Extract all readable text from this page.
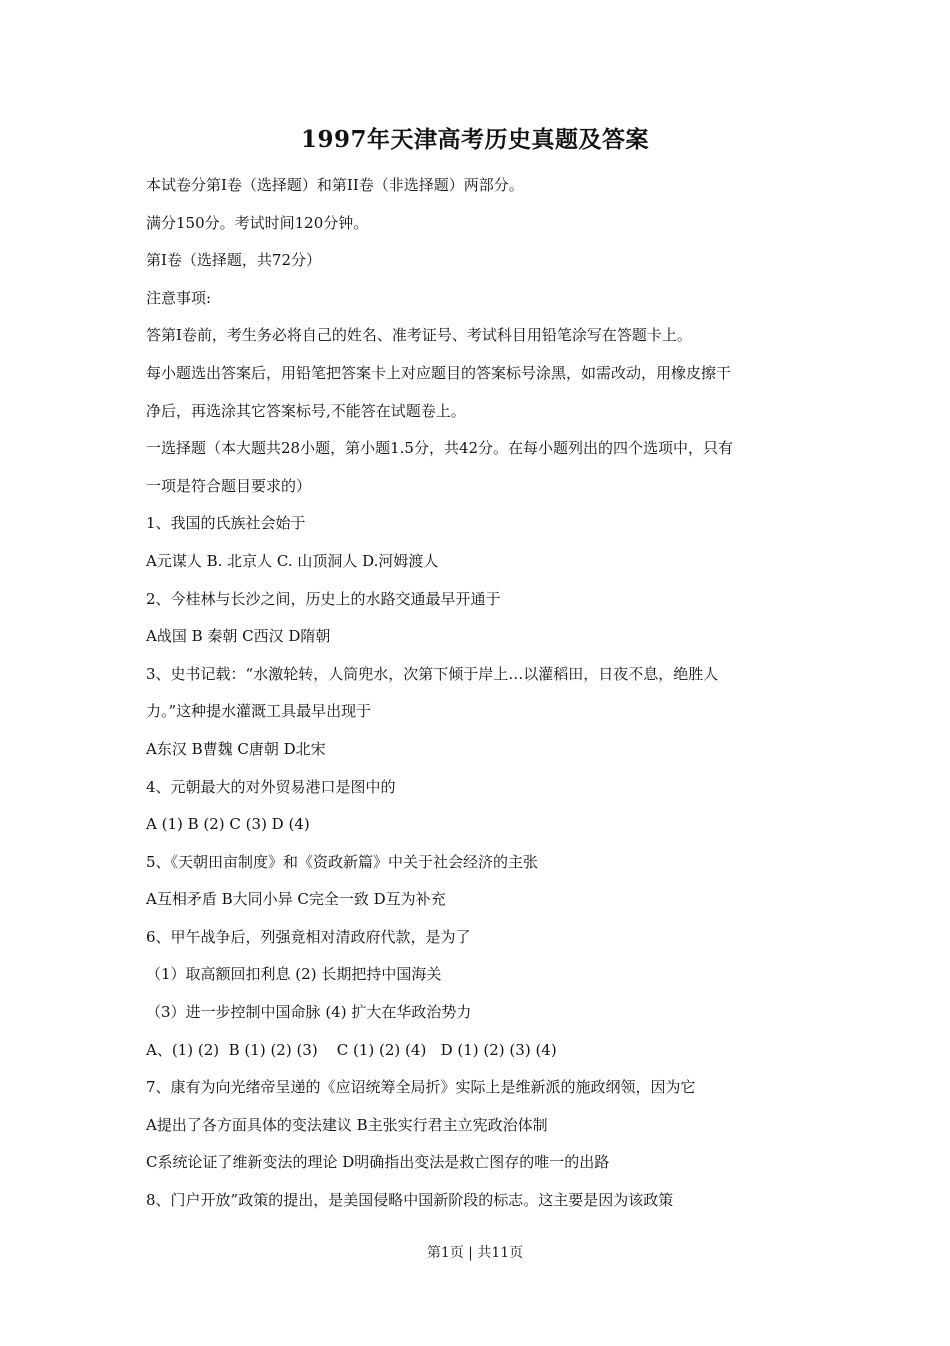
1997年天津高考历史真题及答案
本试卷分第I卷（选择题）和第II卷（非选择题）两部分。
满分150分。考试时间120分钟。
第I卷（选择题，共72分）
注意事项:
答第I卷前，考生务必将自己的姓名、准考证号、考试科目用铅笔涂写在答题卡上。
每小题选出答案后，用铅笔把答案卡上对应题目的答案标号涂黑，如需改动，用橡皮擦干
净后，再选涂其它答案标号,不能答在试题卷上。
一选择题（本大题共28小题，第小题1.5分，共42分。在每小题列出的四个选项中，只有
一项是符合题目要求的）
1、我国的氏族社会始于
A元谋人 B. 北京人 C. 山顶洞人 D.河姆渡人
2、今桂林与长沙之间，历史上的水路交通最早开通于
A战国 B 秦朝 C西汉 D隋朝
3、史书记载：“水激轮转，人筒兜水，次第下倾于岸上…以灌稻田，日夜不息，绝胜人
力。”这种提水灌溉工具最早出现于
A东汉 B曹魏 C唐朝 D北宋
4、元朝最大的对外贸易港口是图中的
A (1) B (2) C (3) D (4)
5、《天朝田亩制度》和《资政新篇》中关于社会经济的主张
A互相矛盾 B大同小异 C完全一致 D互为补充
6、甲午战争后，列强竟相对清政府代款，是为了
（1）取高额回扣利息 (2) 长期把持中国海关
（3）进一步控制中国命脉 (4) 扩大在华政治势力
A、(1) (2)  B (1) (2) (3)    C (1) (2) (4)   D (1) (2) (3) (4)
7、康有为向光绪帝呈递的《应诏统筹全局折》实际上是维新派的施政纲领，因为它
A提出了各方面具体的变法建议 B主张实行君主立宪政治体制
C系统论证了维新变法的理论 D明确指出变法是救亡图存的唯一的出路
8、门户开放”政策的提出，是美国侵略中国新阶段的标志。这主要是因为该政策
第1页 | 共11页
